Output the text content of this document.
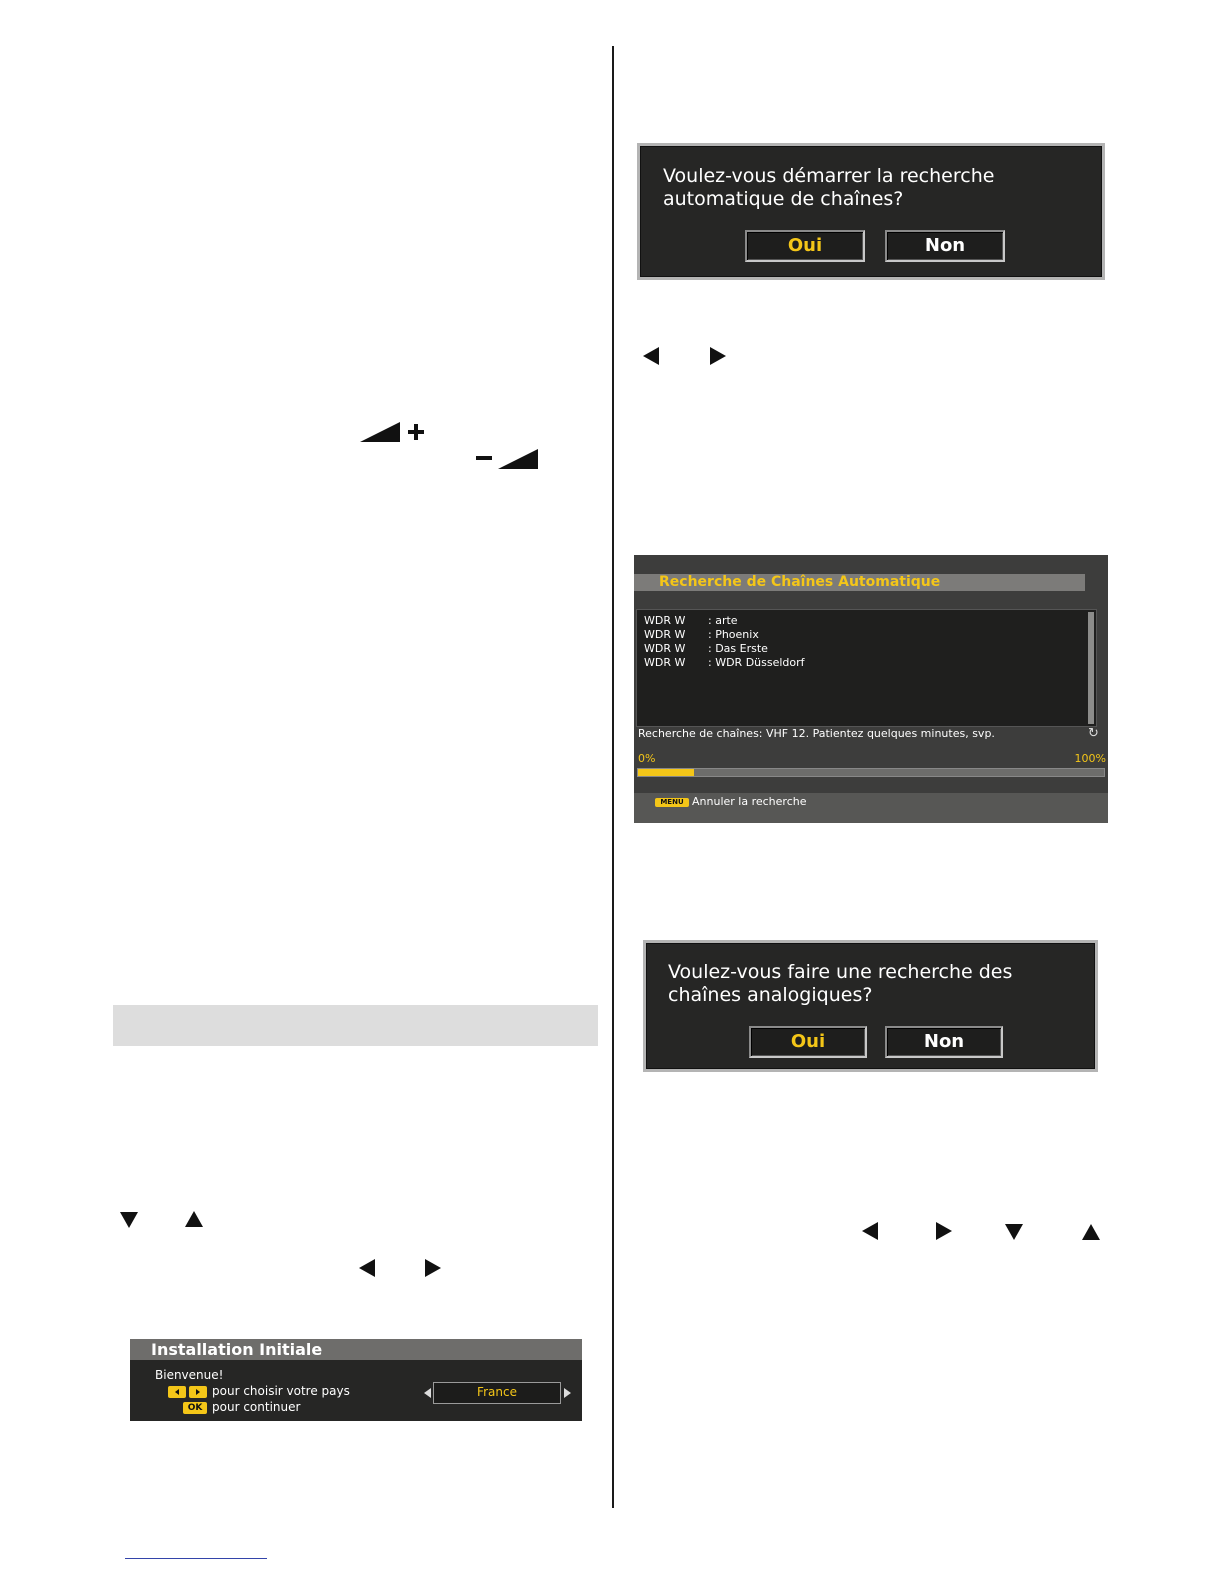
Voulez-vous démarrer la recherche
automatique de chaînes?
Oui	Non
Recherche de Chaînes Automatique
WDR W : arte
WDR W : Phoenix
WDR W : Das Erste
WDR W : WDR Düsseldorf
Recherche de chaînes: VHF 12. Patientez quelques minutes, svp.	↻
0%	100%
MENU Annuler la recherche
Voulez-vous faire une recherche des
chaînes analogiques?
Oui	Non
Installation Initiale
Bienvenue!
pour choisir votre pays
OK pour continuer
France
